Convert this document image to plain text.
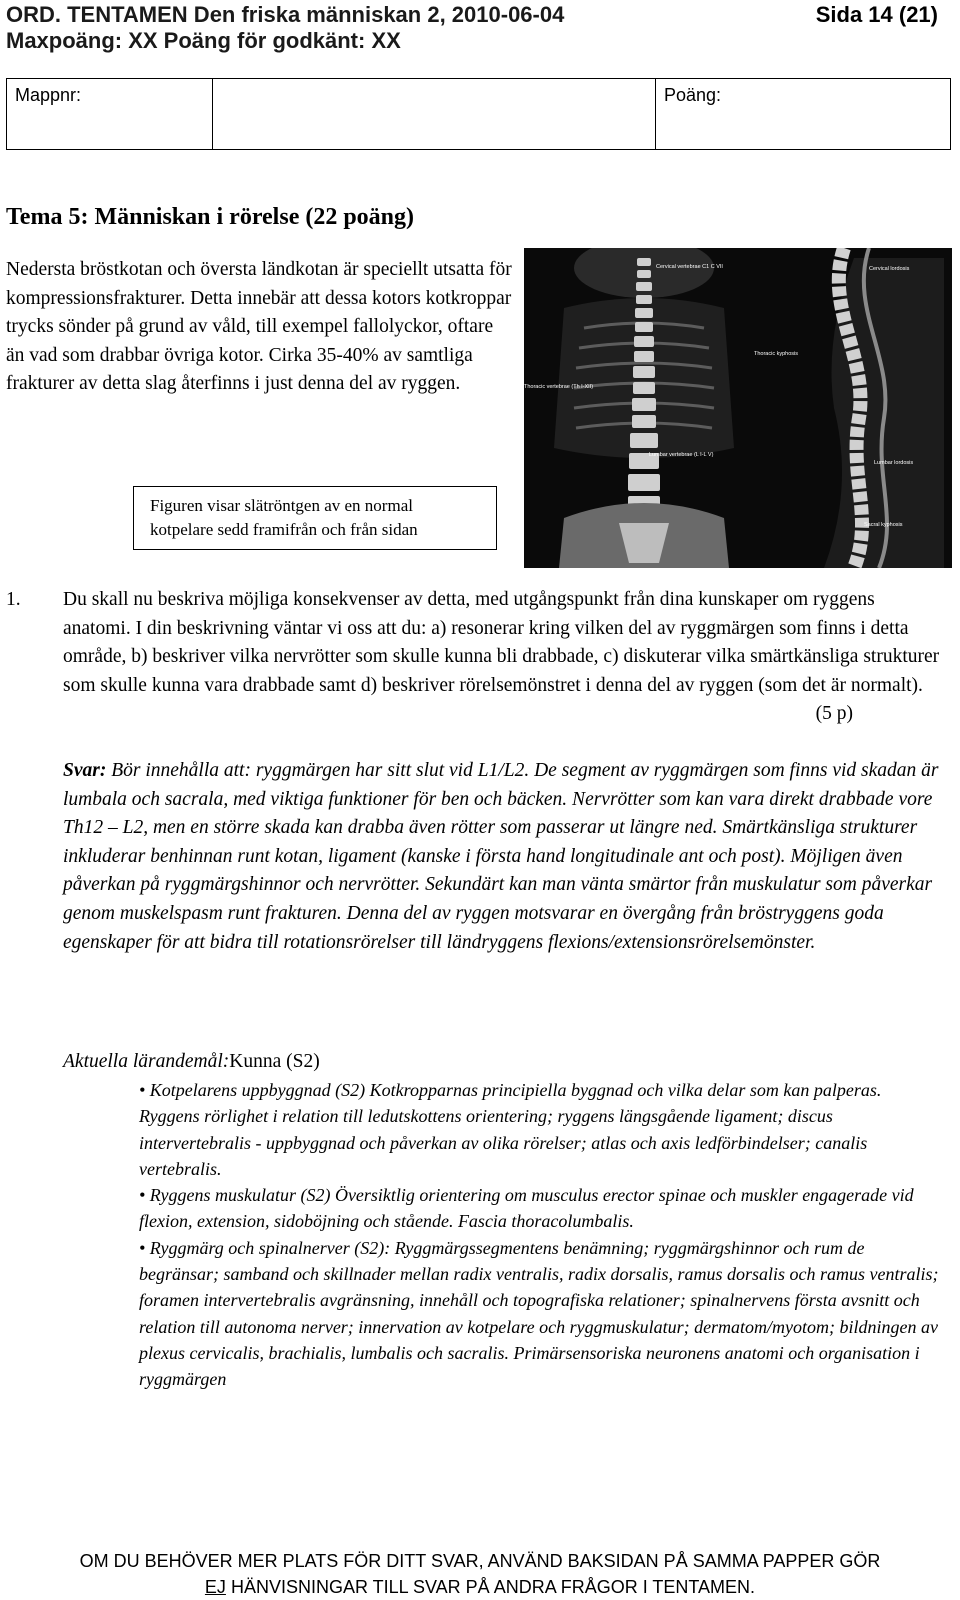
ORD. TENTAMEN Den friska människan 2, 2010-06-04
Maxpoäng: XX Poäng för godkänt: XX
Sida 14 (21)
Mappnr:		Poäng:
Tema 5: Människan i rörelse (22 poäng)
Nedersta bröstkotan och översta ländkotan är speciellt utsatta för kompressionsfrakturer. Detta innebär att dessa kotors kotkroppar trycks sönder på grund av våld, till exempel fallolyckor, oftare än vad som drabbar övriga kotor. Cirka 35-40% av samtliga frakturer av detta slag återfinns i just denna del av ryggen.
Figuren visar slätröntgen av en normal kotpelare sedd framifrån och från sidan
Cervical vertebrae C1 C VII	Cervical lordosis
Thoracic kyphosis
Thoracic vertebrae (Th I-XII)
Lumbar vertebrae (L I-L V)
Lumbar lordosis
Sacral kyphosis
1. Du skall nu beskriva möjliga konsekvenser av detta, med utgångspunkt från dina kunskaper om ryggens anatomi. I din beskrivning väntar vi oss att du: a) resonerar kring vilken del av ryggmärgen som finns i detta område, b) beskriver vilka nervrötter som skulle kunna bli drabbade, c) diskuterar vilka smärtkänsliga strukturer som skulle kunna vara drabbade samt d) beskriver rörelsemönstret i denna del av ryggen (som det är normalt).
(5 p)
Svar: Bör innehålla att: ryggmärgen har sitt slut vid L1/L2. De segment av ryggmärgen som finns vid skadan är lumbala och sacrala, med viktiga funktioner för ben och bäcken. Nervrötter som kan vara direkt drabbade vore Th12 – L2, men en större skada kan drabba även rötter som passerar ut längre ned. Smärtkänsliga strukturer inkluderar benhinnan runt kotan, ligament (kanske i första hand longitudinale ant och post). Möjligen även påverkan på ryggmärgshinnor och nervrötter. Sekundärt kan man vänta smärtor från muskulatur som påverkar genom muskelspasm runt frakturen. Denna del av ryggen motsvarar en övergång från bröstryggens goda egenskaper för att bidra till rotationsrörelser till ländryggens flexions/extensionsrörelsemönster.
Aktuella lärandemål:Kunna (S2)

• Kotpelarens uppbyggnad (S2) Kotkropparnas principiella byggnad och vilka delar som kan palperas. Ryggens rörlighet i relation till ledutskottens orientering; ryggens längsgående ligament; discus intervertebralis - uppbyggnad och påverkan av olika rörelser; atlas och axis ledförbindelser; canalis vertebralis.

• Ryggens muskulatur (S2) Översiktlig orientering om musculus erector spinae och muskler engagerade vid flexion, extension, sidoböjning och stående. Fascia thoracolumbalis.

• Ryggmärg och spinalnerver (S2): Ryggmärgssegmentens benämning; ryggmärgshinnor och rum de begränsar; samband och skillnader mellan radix ventralis, radix dorsalis, ramus dorsalis och ramus ventralis; foramen intervertebralis avgränsning, innehåll och topografiska relationer; spinalnervens första avsnitt och relation till autonoma nerver; innervation av kotpelare och ryggmuskulatur; dermatom/myotom; bildningen av plexus cervicalis, brachialis, lumbalis och sacralis. Primärsensoriska neuronens anatomi och organisation i ryggmärgen

OM DU BEHÖVER MER PLATS FÖR DITT SVAR, ANVÄND BAKSIDAN PÅ SAMMA PAPPER GÖR
EJ HÄNVISNINGAR TILL SVAR PÅ ANDRA FRÅGOR I TENTAMEN.
